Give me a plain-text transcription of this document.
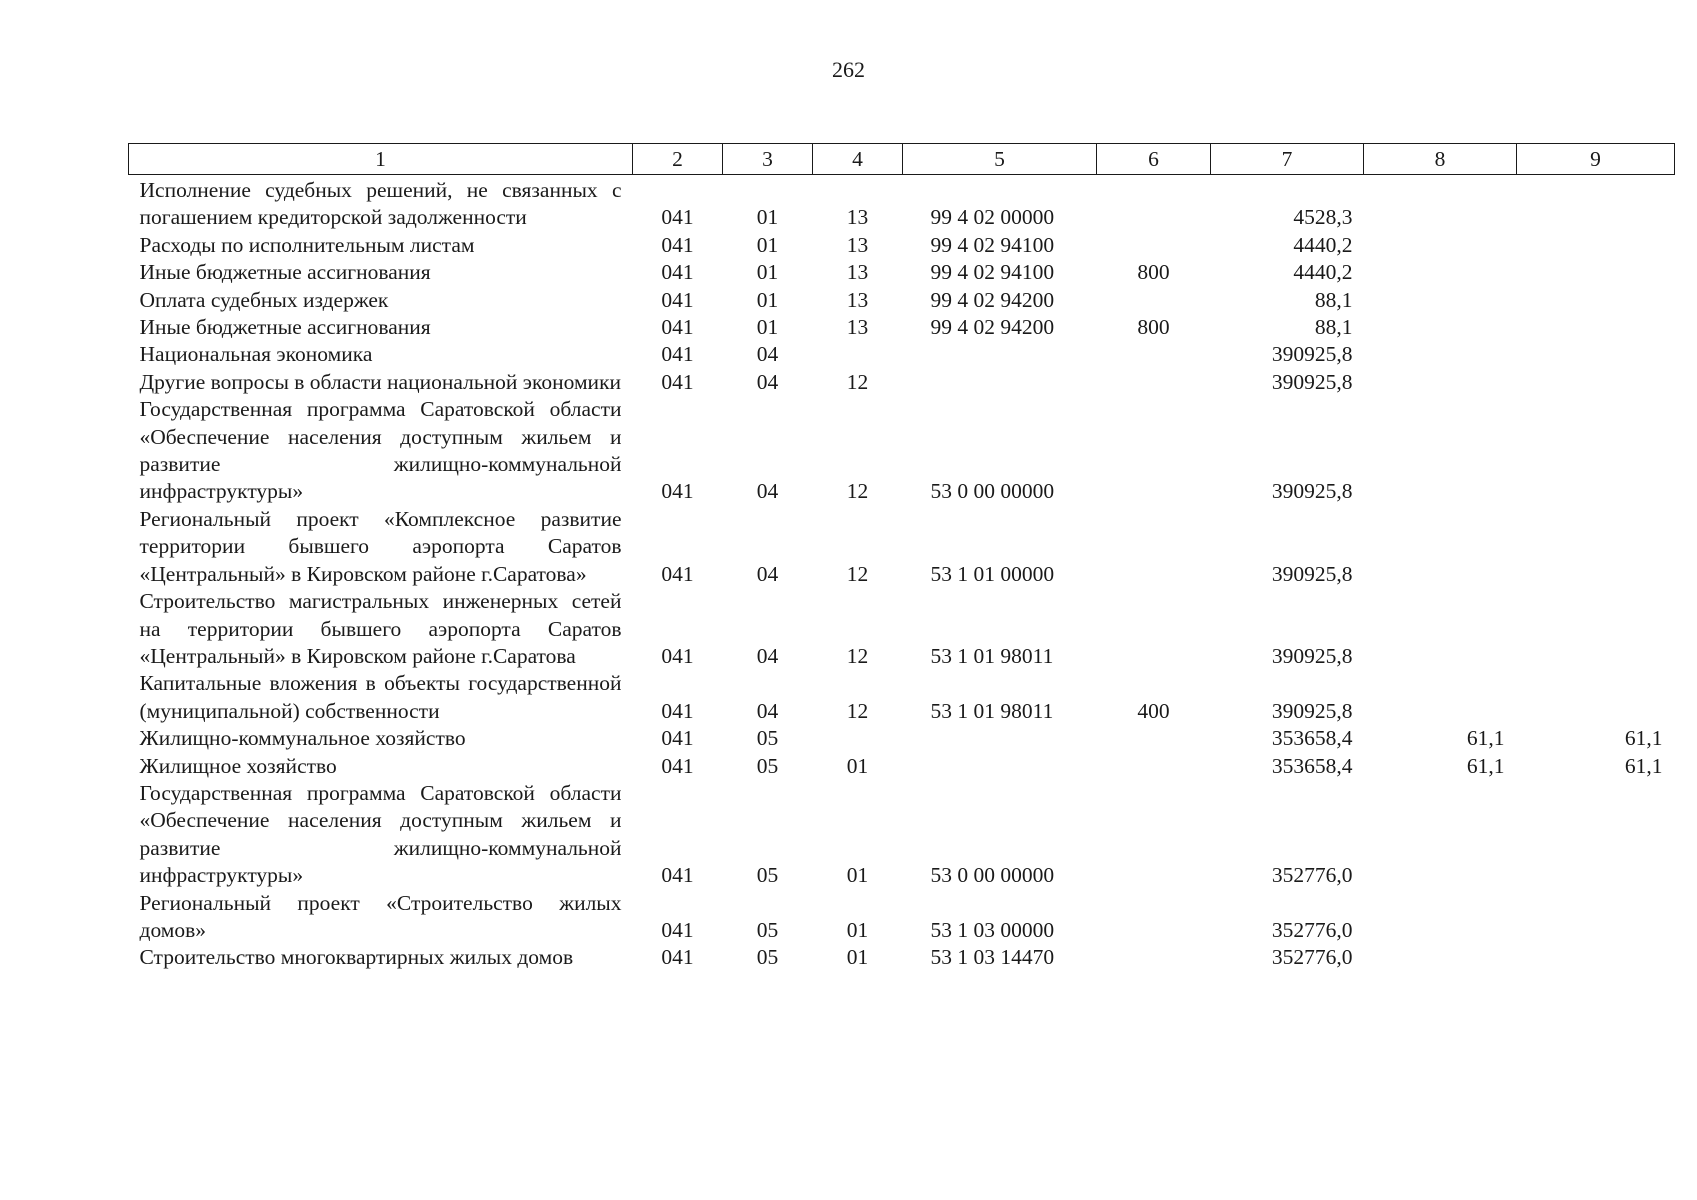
262
1	2	3	4	5	6	7	8	9
Исполнение судебных решений, не связанных с погашением кредиторской задолженности	041	01	13	99 4 02 00000		4528,3		
Расходы по исполнительным листам	041	01	13	99 4 02 94100		4440,2		
Иные бюджетные ассигнования	041	01	13	99 4 02 94100	800	4440,2		
Оплата судебных издержек	041	01	13	99 4 02 94200		88,1		
Иные бюджетные ассигнования	041	01	13	99 4 02 94200	800	88,1		
Национальная экономика	041	04				390925,8		
Другие вопросы в области национальной экономики	041	04	12			390925,8		
Государственная программа Саратовской области «Обеспечение населения доступным жильем и развитие жилищно-коммунальной инфраструктуры»	041	04	12	53 0 00 00000		390925,8		
Региональный проект «Комплексное развитие территории бывшего аэропорта Саратов «Центральный» в Кировском районе г.Саратова»	041	04	12	53 1 01 00000		390925,8		
Строительство магистральных инженерных сетей на территории бывшего аэропорта Саратов «Центральный» в Кировском районе г.Саратова	041	04	12	53 1 01 98011		390925,8		
Капитальные вложения в объекты государственной (муниципальной) собственности	041	04	12	53 1 01 98011	400	390925,8		
Жилищно-коммунальное хозяйство	041	05				353658,4	61,1	61,1
Жилищное хозяйство	041	05	01			353658,4	61,1	61,1
Государственная программа Саратовской области «Обеспечение населения доступным жильем и развитие жилищно-коммунальной инфраструктуры»	041	05	01	53 0 00 00000		352776,0		
Региональный проект «Строительство жилых домов»	041	05	01	53 1 03 00000		352776,0		
Строительство многоквартирных жилых домов	041	05	01	53 1 03 14470		352776,0		
